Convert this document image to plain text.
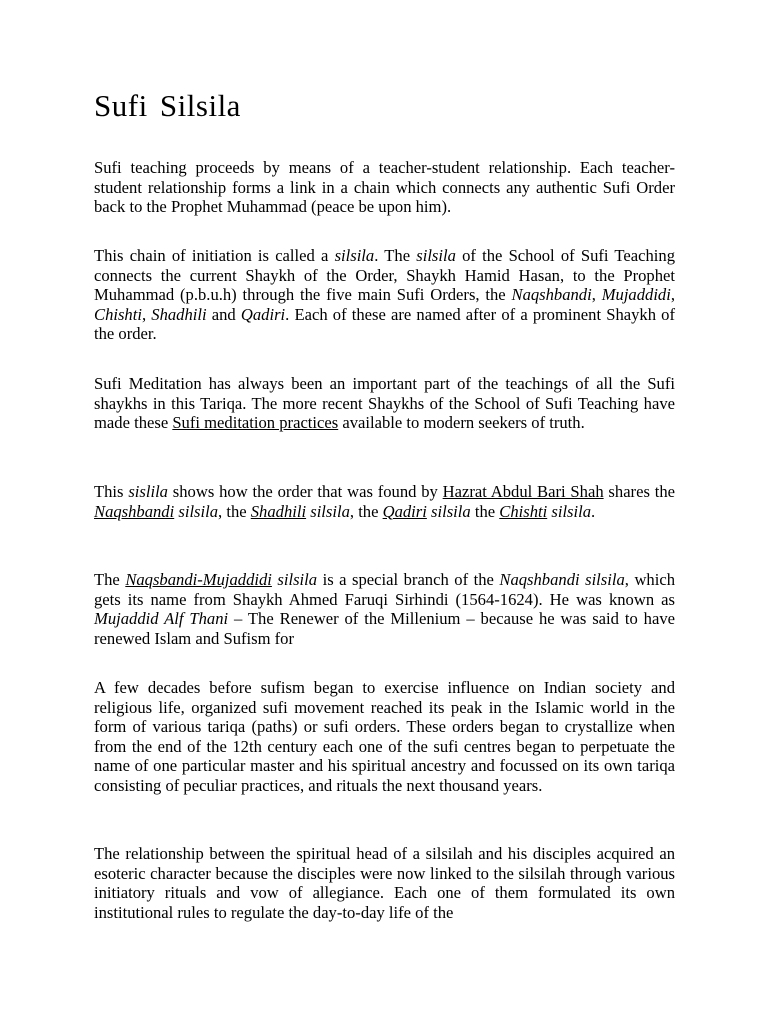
Sufi Silsila

Sufi teaching proceeds by means of a teacher-student relationship. Each teacher-student relationship forms a link in a chain which connects any authentic Sufi Order back to the Prophet Muhammad (peace be upon him).

This chain of initiation is called a silsila. The silsila of the School of Sufi Teaching connects the current Shaykh of the Order, Shaykh Hamid Hasan, to the Prophet Muhammad (p.b.u.h) through the five main Sufi Orders, the Naqshbandi, Mujaddidi, Chishti, Shadhili and Qadiri. Each of these are named after of a prominent Shaykh of the order.

Sufi Meditation has always been an important part of the teachings of all the Sufi shaykhs in this Tariqa. The more recent Shaykhs of the School of Sufi Teaching have made these Sufi meditation practices available to modern seekers of truth.

This sislila shows how the order that was found by Hazrat Abdul Bari Shah shares the Naqshbandi silsila, the Shadhili silsila, the Qadiri silsila the Chishti silsila.

The Naqsbandi-Mujaddidi silsila is a special branch of the Naqshbandi silsila, which gets its name from Shaykh Ahmed Faruqi Sirhindi (1564-1624). He was known as Mujaddid Alf Thani – The Renewer of the Millenium – because he was said to have renewed Islam and Sufism for

A few decades before sufism began to exercise influence on Indian society and religious life, organized sufi movement reached its peak in the Islamic world in the form of various tariqa (paths) or sufi orders. These orders began to crystallize when from the end of the 12th century each one of the sufi centres began to perpetuate the name of one particular master and his spiritual ancestry and focussed on its own tariqa consisting of peculiar practices, and rituals the next thousand years.

The relationship between the spiritual head of a silsilah and his disciples acquired an esoteric character because the disciples were now linked to the silsilah through various initiatory rituals and vow of allegiance. Each one of them formulated its own institutional rules to regulate the day-to-day life of the
